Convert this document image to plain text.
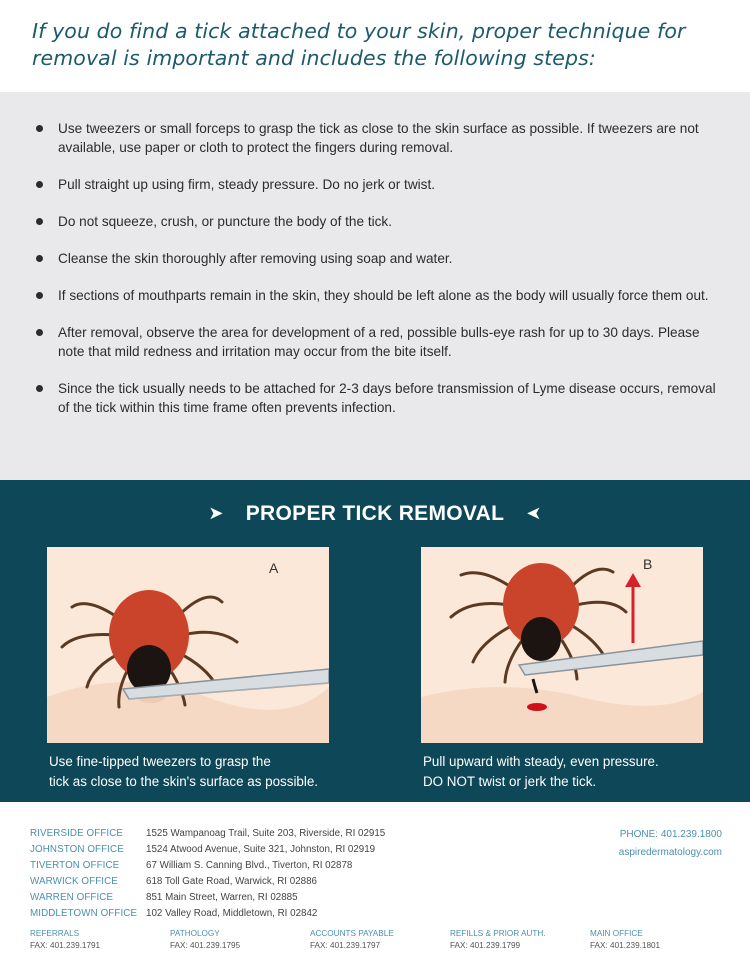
If you do find a tick attached to your skin, proper technique for removal is important and includes the following steps:
Use tweezers or small forceps to grasp the tick as close to the skin surface as possible. If tweezers are not available, use paper or cloth to protect the fingers during removal.
Pull straight up using firm, steady pressure. Do no jerk or twist.
Do not squeeze, crush, or puncture the body of the tick.
Cleanse the skin thoroughly after removing using soap and water.
If sections of mouthparts remain in the skin, they should be left alone as the body will usually force them out.
After removal, observe the area for development of a red, possible bulls-eye rash for up to 30 days. Please note that mild redness and irritation may occur from the bite itself.
Since the tick usually needs to be attached for 2-3 days before transmission of Lyme disease occurs, removal of the tick within this time frame often prevents infection.
➤ PROPER TICK REMOVAL ➤
A
Use fine-tipped tweezers to grasp the
tick as close to the skin's surface as possible.
B
Pull upward with steady, even pressure.
DO NOT twist or jerk the tick.
RIVERSIDE OFFICE	1525 Wampanoag Trail, Suite 203, Riverside, RI 02915
JOHNSTON OFFICE	1524 Atwood Avenue, Suite 321, Johnston, RI 02919
TIVERTON OFFICE	67 William S. Canning Blvd., Tiverton, RI 02878
WARWICK OFFICE	618 Toll Gate Road, Warwick, RI 02886
WARREN OFFICE	851 Main Street, Warren, RI 02885
MIDDLETOWN OFFICE 102 Valley Road, Middletown, RI 02842
PHONE: 401.239.1800
aspiredermatology.com
REFERRALS
FAX: 401.239.1791
PATHOLOGY
FAX: 401.239.1795
ACCOUNTS PAYABLE
FAX: 401.239.1797
REFILLS & PRIOR AUTH.
FAX: 401.239.1799
MAIN OFFICE
FAX: 401.239.1801
